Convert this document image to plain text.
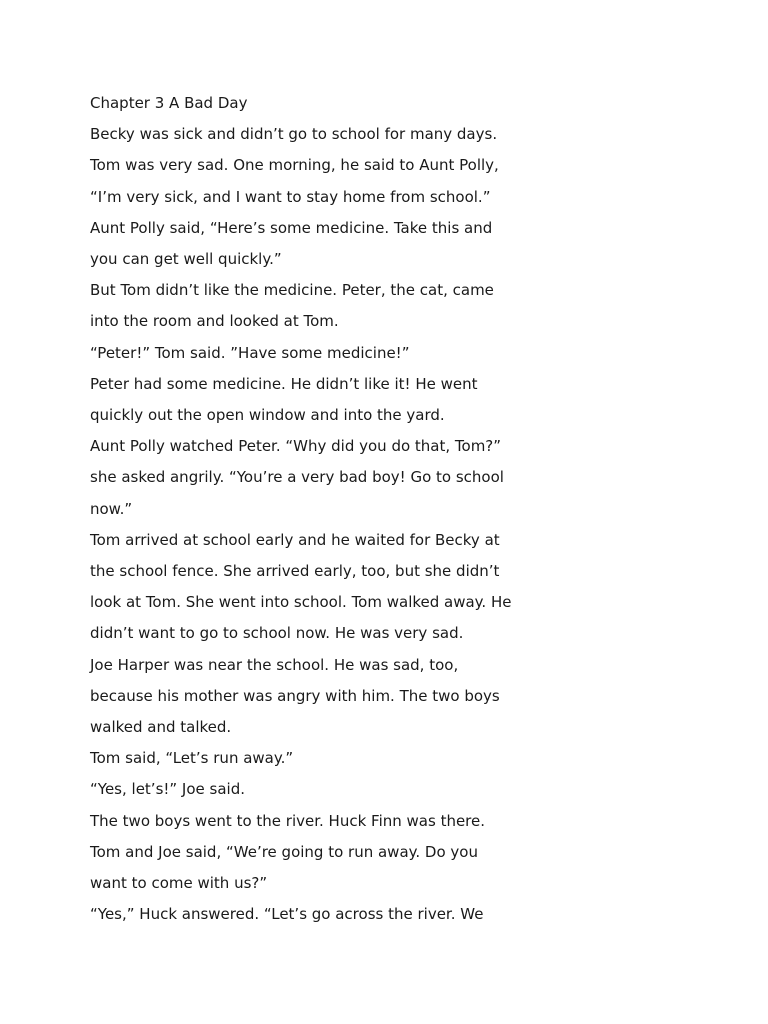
Chapter 3 A Bad Day

Becky was sick and didn’t go to school for many days.

Tom was very sad. One morning, he said to Aunt Polly,

“I’m very sick, and I want to stay home from school.”

Aunt Polly said, “Here’s some medicine. Take this and

you can get well quickly.”

But Tom didn’t like the medicine. Peter, the cat, came

into the room and looked at Tom.

“Peter!” Tom said. ”Have some medicine!”

Peter had some medicine. He didn’t like it! He went

quickly out the open window and into the yard.

Aunt Polly watched Peter. “Why did you do that, Tom?”

she asked angrily. “You’re a very bad boy! Go to school

now.”

Tom arrived at school early and he waited for Becky at

the school fence. She arrived early, too, but she didn’t

look at Tom. She went into school. Tom walked away. He

didn’t want to go to school now. He was very sad.

Joe Harper was near the school. He was sad, too,

because his mother was angry with him. The two boys

walked and talked.

Tom said, “Let’s run away.”

“Yes, let’s!” Joe said.

The two boys went to the river. Huck Finn was there.

Tom and Joe said, “We’re going to run away. Do you

want to come with us?”

“Yes,” Huck answered. “Let’s go across the river. We
